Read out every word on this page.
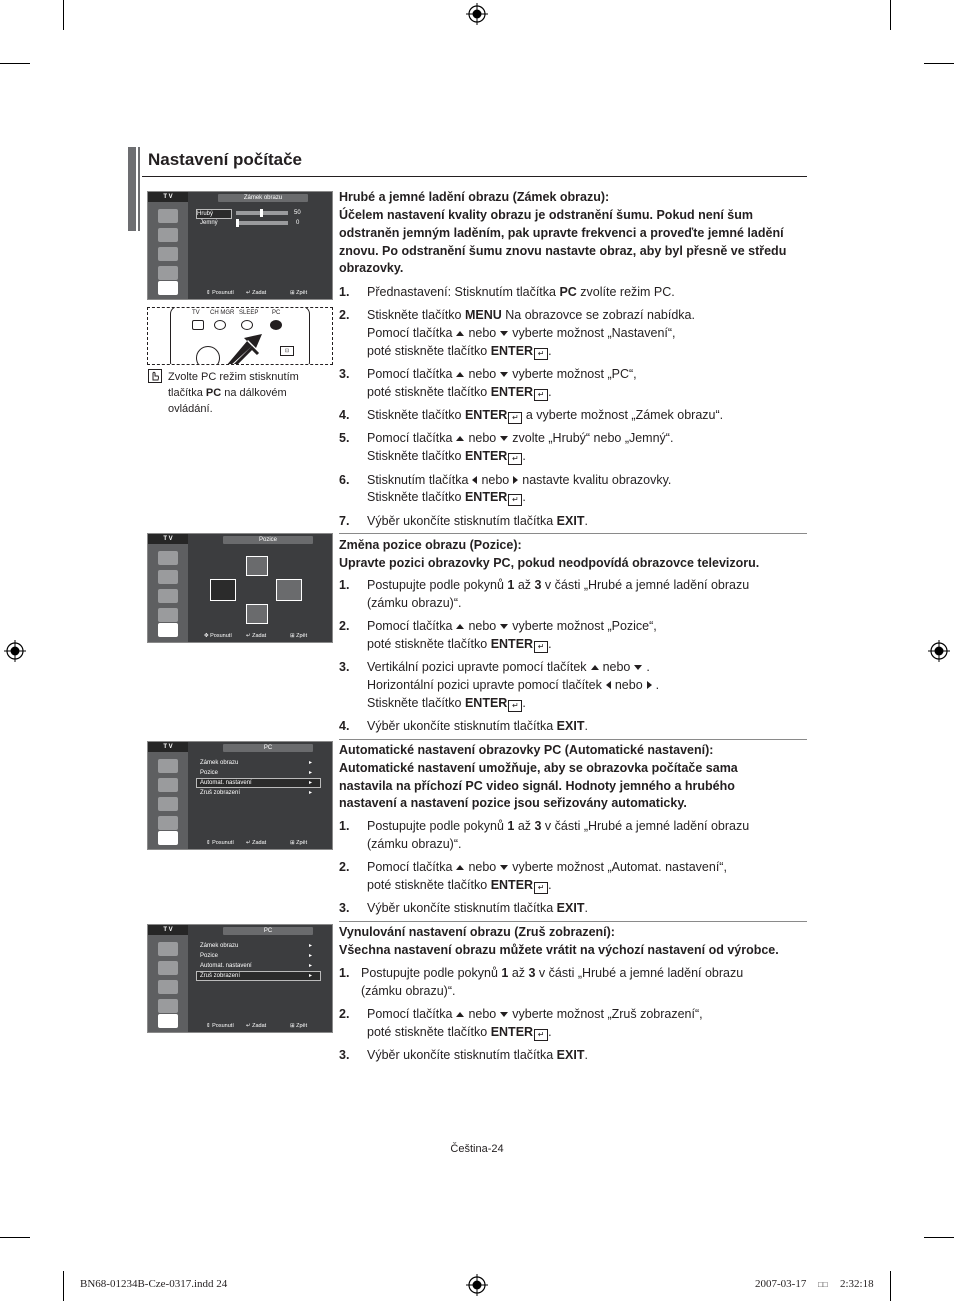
Nastavení počítače
T V	Zámek obrazu
Hrubý	50
Jemný	0
⇕ Posunutí ↵ Zadat	⊞ Zpět
TV CH MGR SLEEP PC
⊡
Zvolte PC režim stisknutím tlačítka PC na dálkovém ovládání.
Hrubé a jemné ladění obrazu (Zámek obrazu):
Účelem nastavení kvality obrazu je odstranění šumu. Pokud není šum
odstraněn jemným laděním, pak upravte frekvenci a proveďte jemné ladění
znovu. Po odstranění šumu znovu nastavte obraz, aby byl přesně ve středu
obrazovky.
1. Přednastavení: Stisknutím tlačítka PC zvolíte režim PC.
2. Stiskněte tlačítko MENU Na obrazovce se zobrazí nabídka.
Pomocí tlačítka nebo vyberte možnost „Nastavení“,
poté stiskněte tlačítko ENTER ↵ .
3. Pomocí tlačítka nebo vyberte možnost „PC“,
poté stiskněte tlačítko ENTER ↵ .
4. Stiskněte tlačítko ENTER ↵ a vyberte možnost „Zámek obrazu“.
5. Pomocí tlačítka nebo zvolte „Hrubý“ nebo „Jemný“.
Stiskněte tlačítko ENTER ↵ .
6. Stisknutím tlačítka nebo nastavte kvalitu obrazovky.
Stiskněte tlačítko ENTER ↵ .
7. Výběr ukončíte stisknutím tlačítka EXIT.
T V	Pozice
✥ Posunutí	↵ Zadat	⊞ Zpět
Změna pozice obrazu (Pozice):
Upravte pozici obrazovky PC, pokud neodpovídá obrazovce televizoru.
1. Postupujte podle pokynů 1 až 3 v části „Hrubé a jemné ladění obrazu
(zámku obrazu)“.
2. Pomocí tlačítka nebo vyberte možnost „Pozice“,
poté stiskněte tlačítko ENTER ↵ .
3. Vertikální pozici upravte pomocí tlačítek nebo .
Horizontální pozici upravte pomocí tlačítek nebo .
Stiskněte tlačítko ENTER ↵ .
4. Výběr ukončíte stisknutím tlačítka EXIT.
T V	PC
Zámek obrazu	▸
Pozice	▸
Automat. nastavení	▸
Zruš zobrazení	▸
⇕ Posunutí ↵ Zadat	⊞ Zpět
Automatické nastavení obrazovky PC (Automatické nastavení):
Automatické nastavení umožňuje, aby se obrazovka počítače sama
nastavila na příchozí PC video signál. Hodnoty jemného a hrubého
nastavení a nastavení pozice jsou seřizovány automaticky.
1. Postupujte podle pokynů 1 až 3 v části „Hrubé a jemné ladění obrazu
(zámku obrazu)“.
2. Pomocí tlačítka nebo vyberte možnost „Automat. nastavení“,
poté stiskněte tlačítko ENTER ↵ .
3. Výběr ukončíte stisknutím tlačítka EXIT.
T V	PC
Zámek obrazu	▸
Pozice	▸
Automat. nastavení	▸
Zruš zobrazení	▸
⇕ Posunutí ↵ Zadat	⊞ Zpět
Vynulování nastavení obrazu (Zruš zobrazení):
Všechna nastavení obrazu můžete vrátit na výchozí nastavení od výrobce.
1. Postupujte podle pokynů 1 až 3 v části „Hrubé a jemné ladění obrazu
(zámku obrazu)“.
2. Pomocí tlačítka nebo vyberte možnost „Zruš zobrazení“,
poté stiskněte tlačítko ENTER ↵ .
3. Výběr ukončíte stisknutím tlačítka EXIT.
Čeština-24
BN68-01234B-Cze-0317.indd 24	2007-03-17 □□ 2:32:18
